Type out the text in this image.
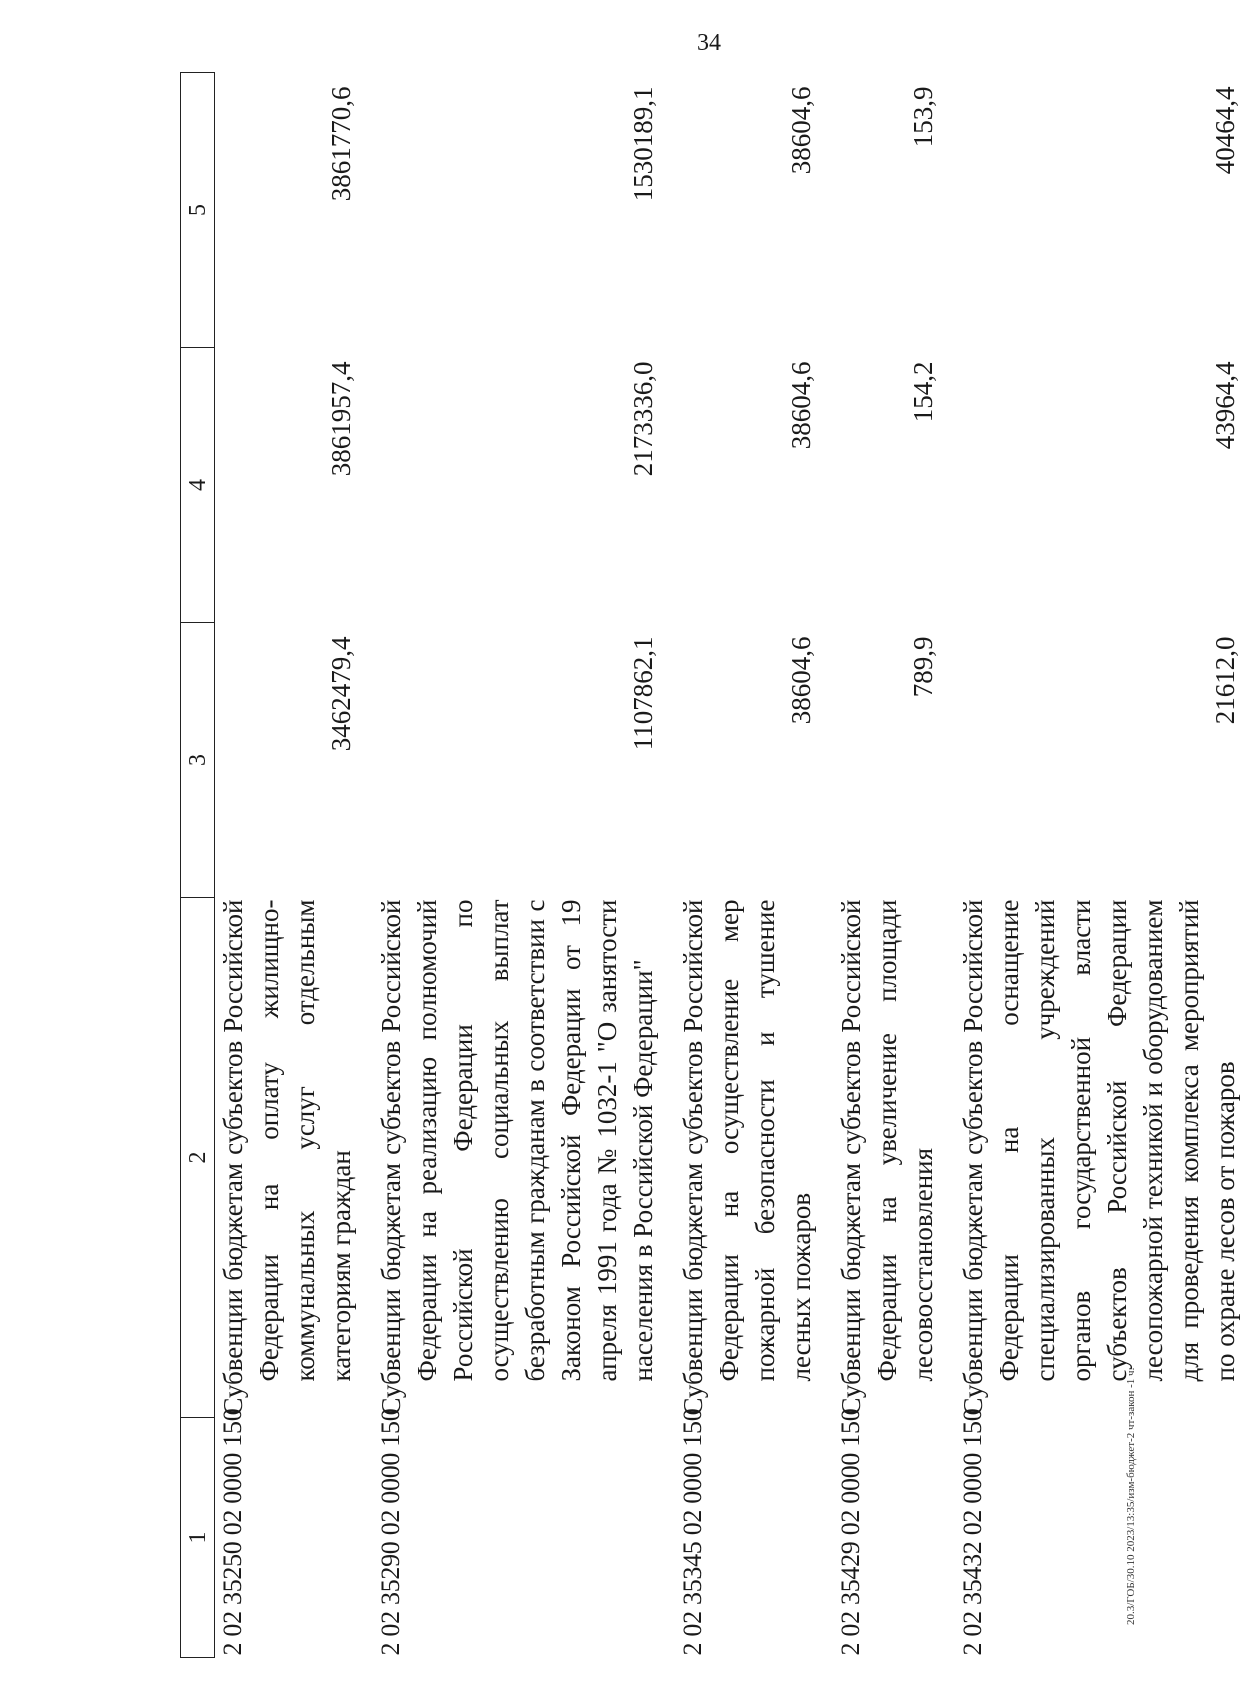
34
20.3/ГОБ/30.10 2023/13:35/изм-бюджет-2 чт-закон -1 ч.
1	2	3	4	5
2 02 35250 02 0000 150	Субвенции бюджетам субъектов Российской Федерации на оплату жилищно-коммунальных услуг отдельным категориям граждан	3462479,4	3861957,4	3861770,6
2 02 35290 02 0000 150	Субвенции бюджетам субъектов Российской Федерации на реализацию полномочий Российской Федерации по осуществлению социальных выплат безработным гражданам в соответствии с Законом Российской Федерации от 19 апреля 1991 года № 1032-1 "О занятости населения в Российской Федерации"	1107862,1	2173336,0	1530189,1
2 02 35345 02 0000 150	Субвенции бюджетам субъектов Российской Федерации на осуществление мер пожарной безопасности и тушение лесных пожаров	38604,6	38604,6	38604,6
2 02 35429 02 0000 150	Субвенции бюджетам субъектов Российской Федерации на увеличение площади лесовосстановления	789,9	154,2	153,9
2 02 35432 02 0000 150	Субвенции бюджетам субъектов Российской Федерации на оснащение специализированных учреждений органов государственной власти субъектов Российской Федерации лесопожарной техникой и оборудованием для проведения комплекса мероприятий по охране лесов от пожаров	21612,0	43964,4	40464,4
